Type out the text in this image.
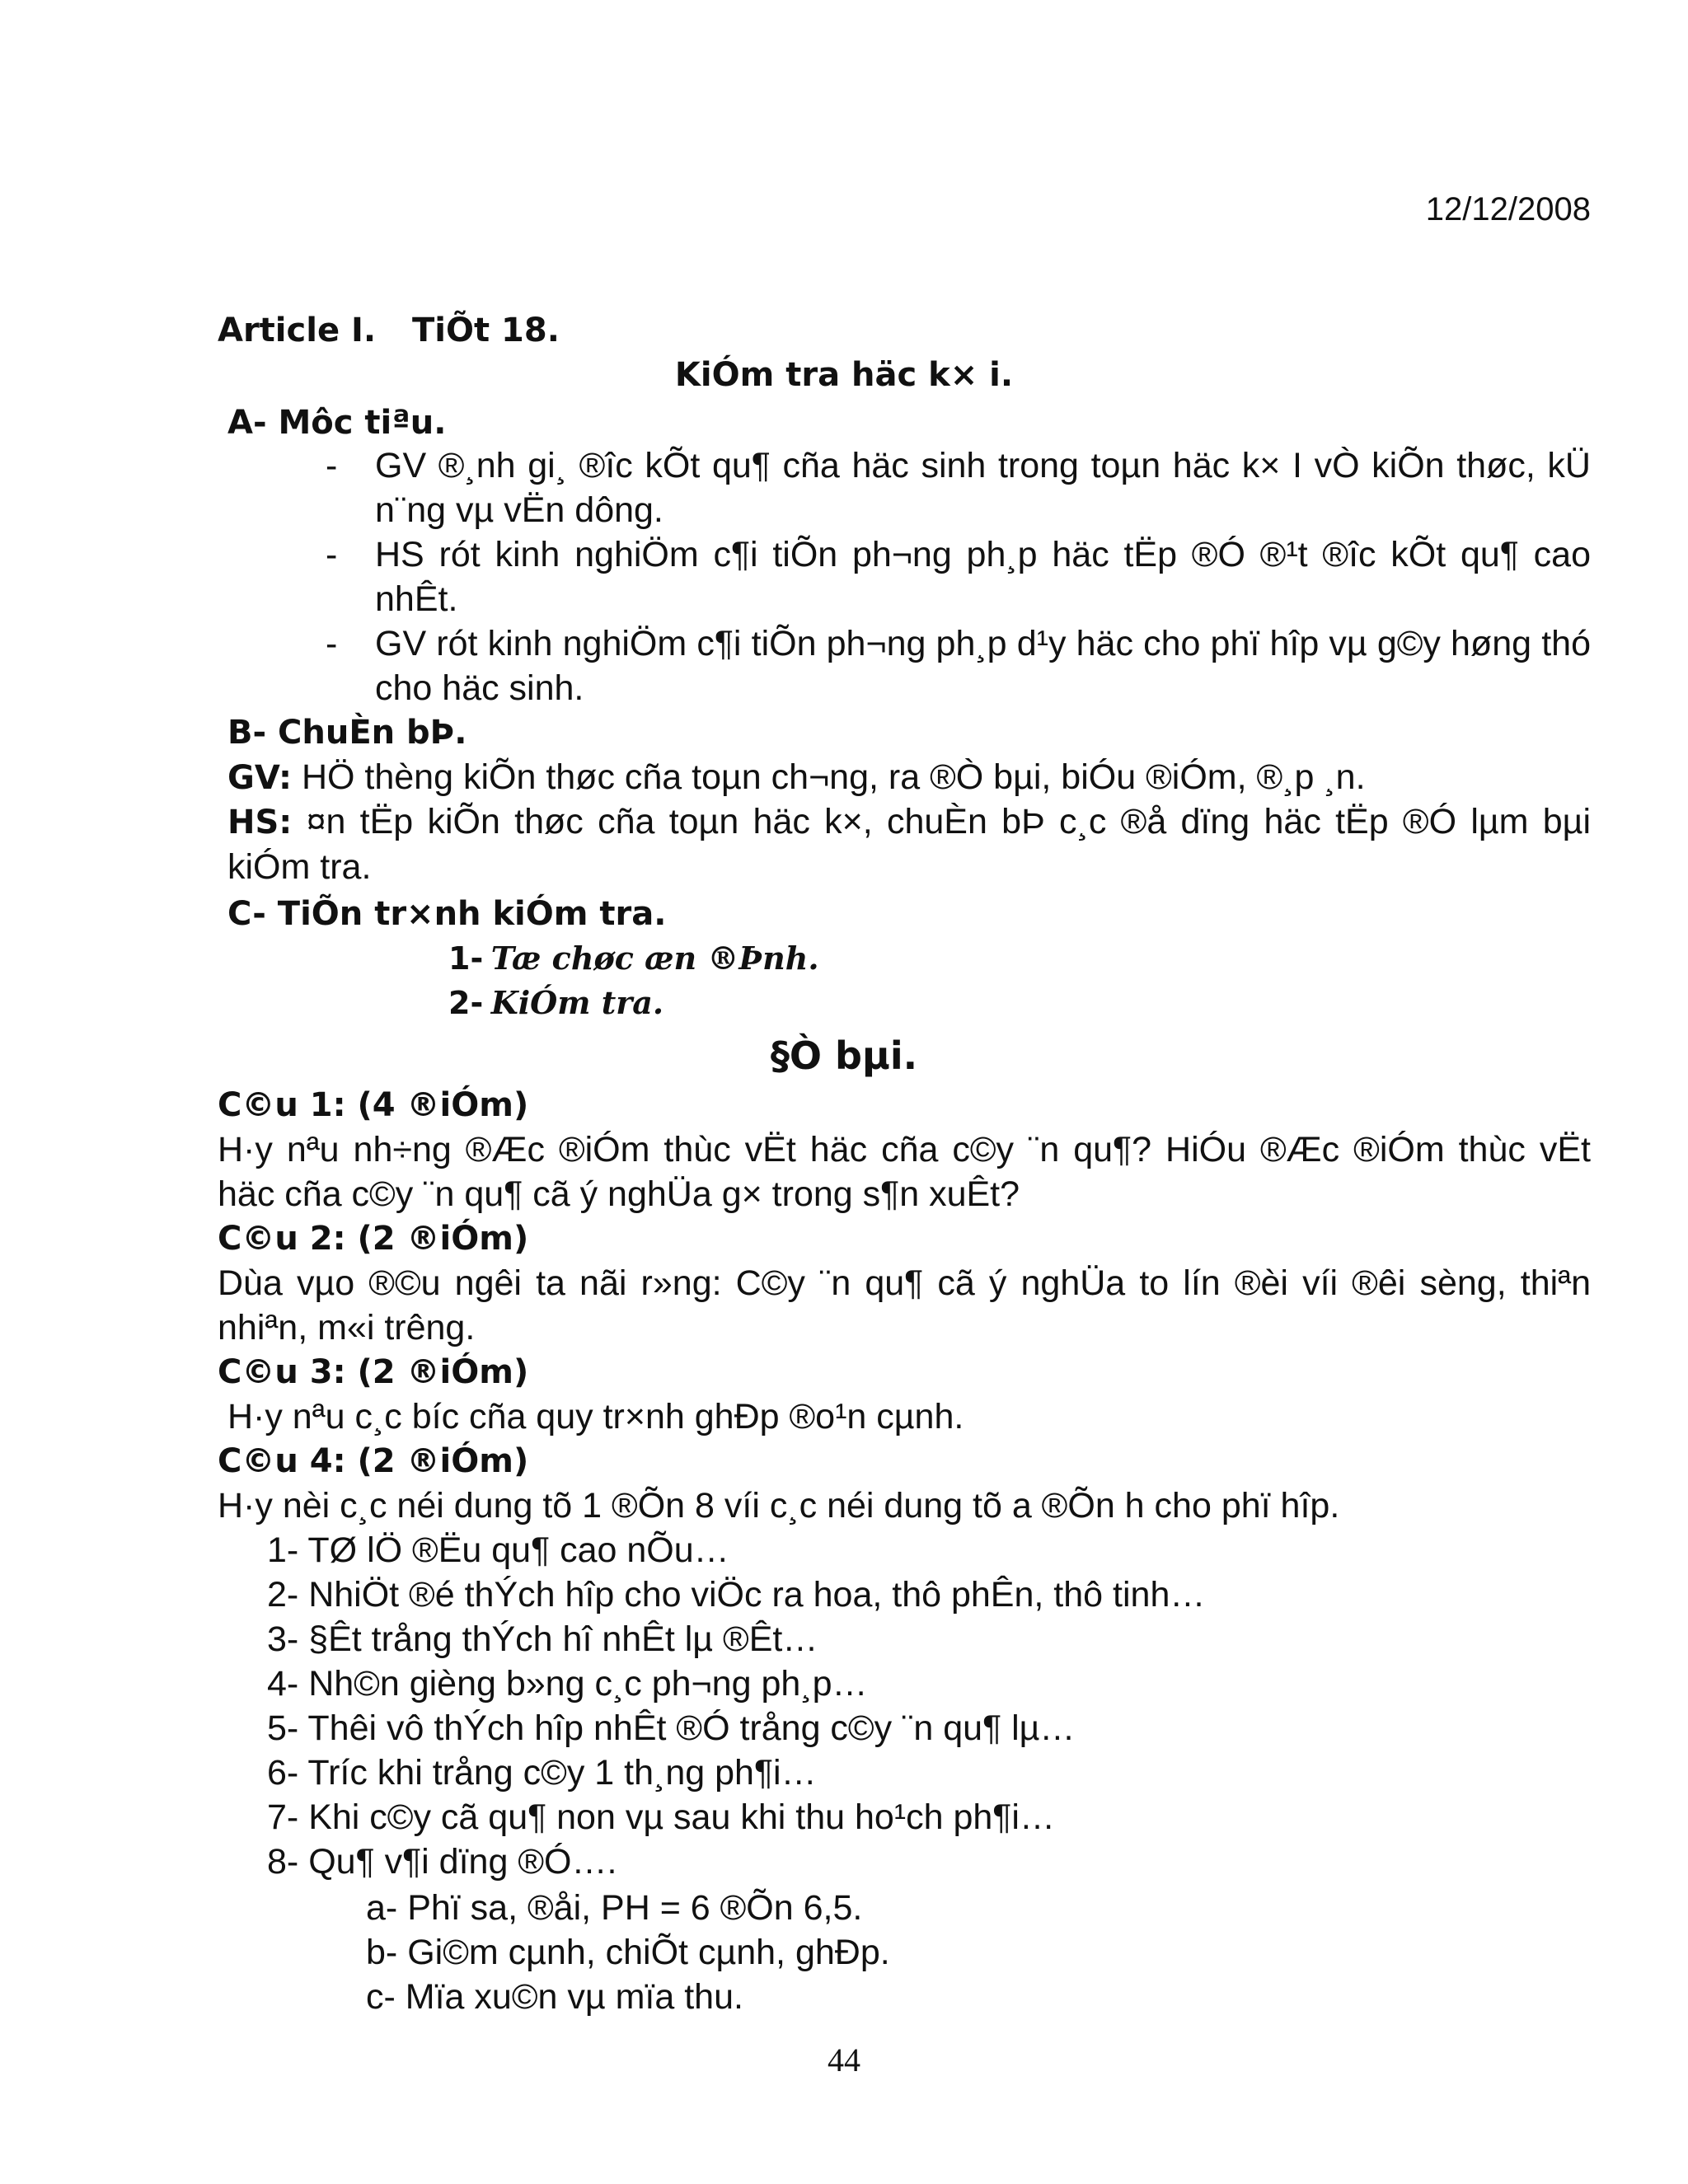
12/12/2008
Article I. TiÕt 18.
KiÓm tra häc k× i.
A- Môc tiªu.
- GV ®¸nh gi¸ ®îc kÕt qu¶ cña häc sinh trong toµn häc k× I vÒ kiÕn thøc, kÜ n¨ng vµ vËn dông.
- HS rót kinh nghiÖm c¶i tiÕn ph¬ng ph¸p häc tËp ®Ó ®¹t ®îc kÕt qu¶ cao nhÊt.
- GV rót kinh nghiÖm c¶i tiÕn ph¬ng ph¸p d¹y häc cho phï hîp vµ g©y høng thó cho häc sinh.
B- ChuÈn bÞ.
GV: HÖ thèng kiÕn thøc cña toµn ch¬ng, ra ®Ò bµi, biÓu ®iÓm, ®¸p ¸n.
HS: ¤n tËp kiÕn thøc cña toµn häc k×, chuÈn bÞ c¸c ®å dïng häc tËp ®Ó lµm bµi kiÓm tra.
C- TiÕn tr×nh kiÓm tra.
1- Tæ chøc æn ®Þnh.
2- KiÓm tra.
§Ò bµi.
C©u 1: (4 ®iÓm)
H·y nªu nh÷ng ®Æc ®iÓm thùc vËt häc cña c©y ¨n qu¶? HiÓu ®Æc ®iÓm thùc vËt häc cña c©y ¨n qu¶ cã ý nghÜa g× trong s¶n xuÊt?
C©u 2: (2 ®iÓm)
Dùa vµo ®©u ngêi ta nãi r»ng: C©y ¨n qu¶ cã ý nghÜa to lín ®èi víi ®êi sèng, thiªn nhiªn, m«i trêng.
C©u 3: (2 ®iÓm)
H·y nªu c¸c bíc cña quy tr×nh ghÐp ®o¹n cµnh.
C©u 4: (2 ®iÓm)
H·y nèi c¸c néi dung tõ 1 ®Õn 8 víi c¸c néi dung tõ a ®Õn h cho phï hîp.
1- TØ lÖ ®Ëu qu¶ cao nÕu…
2- NhiÖt ®é thÝch hîp cho viÖc ra hoa, thô phÊn, thô tinh…
3- §Êt trång thÝch hî nhÊt lµ ®Êt…
4- Nh©n gièng b»ng c¸c ph¬ng ph¸p…
5- Thêi vô thÝch hîp nhÊt ®Ó trång c©y ¨n qu¶ lµ…
6- Tríc khi trång c©y 1 th¸ng ph¶i…
7- Khi c©y cã qu¶ non vµ sau khi thu ho¹ch ph¶i…
8- Qu¶ v¶i dïng ®Ó….
a- Phï sa, ®åi, PH = 6 ®Õn 6,5.
b- Gi©m cµnh, chiÕt cµnh, ghÐp.
c- Mïa xu©n vµ mïa thu.
44
